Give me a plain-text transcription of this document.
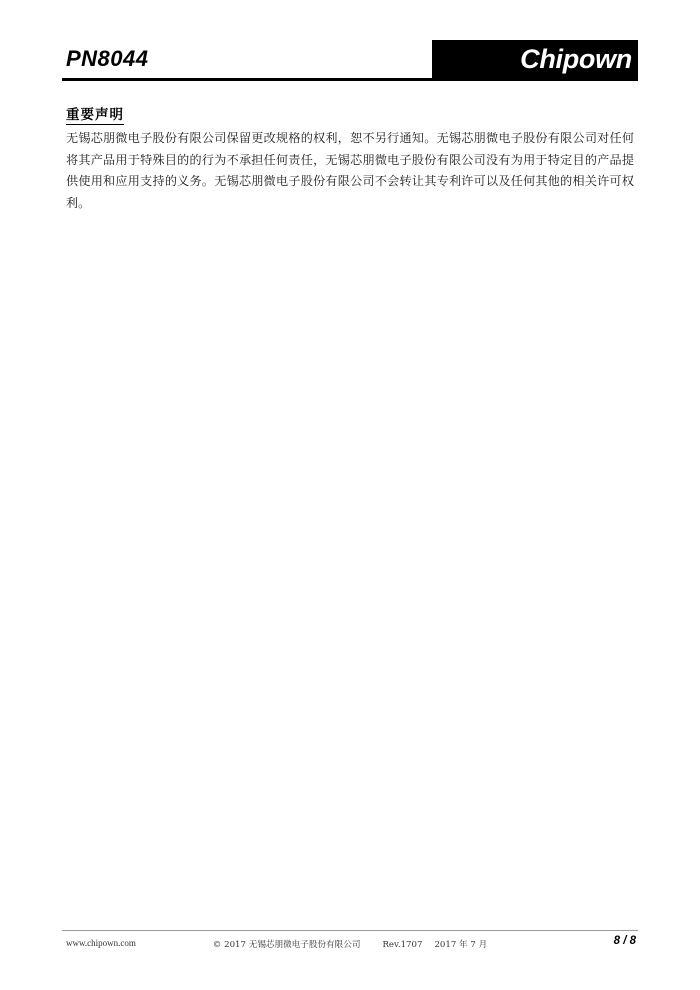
PN8044	Chipown
重要声明
无锡芯朋微电子股份有限公司保留更改规格的权利，恕不另行通知。无锡芯朋微电子股份有限公司对任何将其产品用于特殊目的的行为不承担任何责任，无锡芯朋微电子股份有限公司没有为用于特定目的产品提供使用和应用支持的义务。无锡芯朋微电子股份有限公司不会转让其专利许可以及任何其他的相关许可权利。
www.chipown.com	© 2017 无锡芯朋微电子股份有限公司	Rev.1707 2017 年 7 月	8 / 8
